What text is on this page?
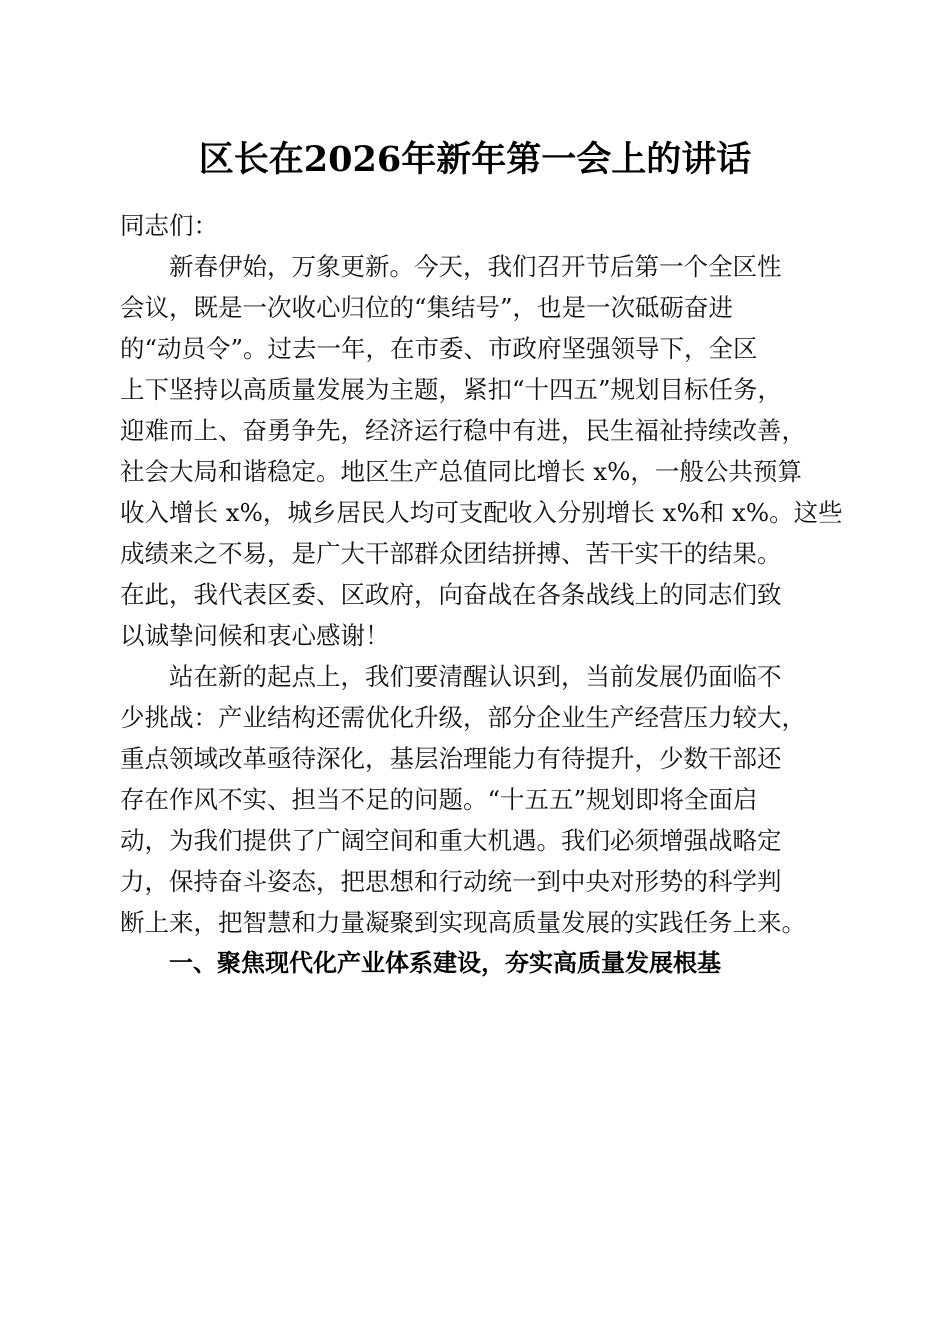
区长在2026年新年第一会上的讲话

同志们：

新春伊始，万象更新。今天，我们召开节后第一个全区性
会议，既是一次收心归位的“集结号”，也是一次砥砺奋进
的“动员令”。过去一年，在市委、市政府坚强领导下，全区
上下坚持以高质量发展为主题，紧扣“十四五”规划目标任务，
迎难而上、奋勇争先，经济运行稳中有进，民生福祉持续改善，
社会大局和谐稳定。地区生产总值同比增长 x%，一般公共预算
收入增长 x%，城乡居民人均可支配收入分别增长 x%和 x%。这些
成绩来之不易，是广大干部群众团结拼搏、苦干实干的结果。
在此，我代表区委、区政府，向奋战在各条战线上的同志们致
以诚挚问候和衷心感谢！
站在新的起点上，我们要清醒认识到，当前发展仍面临不
少挑战：产业结构还需优化升级，部分企业生产经营压力较大，
重点领域改革亟待深化，基层治理能力有待提升，少数干部还
存在作风不实、担当不足的问题。“十五五”规划即将全面启
动，为我们提供了广阔空间和重大机遇。我们必须增强战略定
力，保持奋斗姿态，把思想和行动统一到中央对形势的科学判
断上来，把智慧和力量凝聚到实现高质量发展的实践任务上来。

一、聚焦现代化产业体系建设，夯实高质量发展根基
